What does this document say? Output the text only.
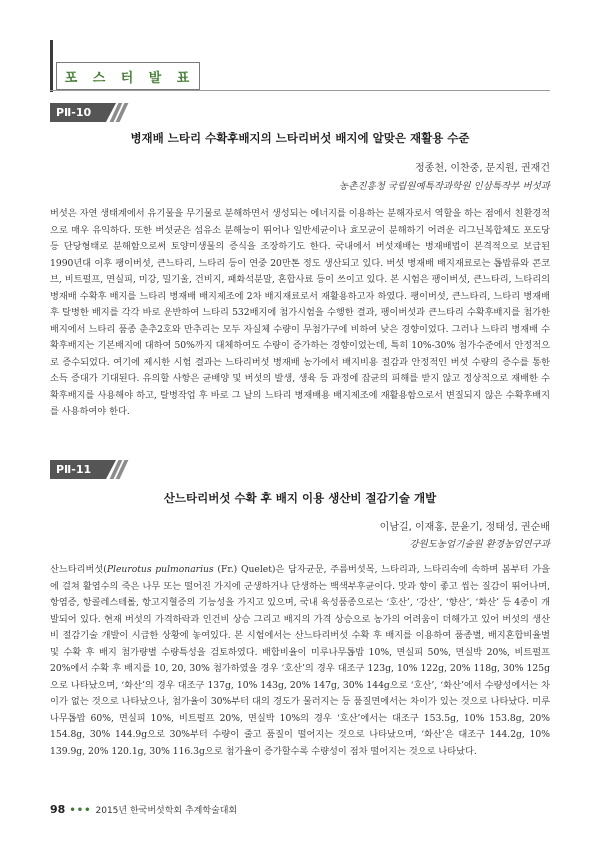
포	스	터	발	표
PⅡ-10
병재배 느타리 수확후배지의 느타리버섯 배지에 알맞은 재활용 수준
정종천, 이찬중, 문지원, 권재건
농촌진흥청 국립원예특작과학원 인삼특작부 버섯과

버섯은 자연 생태계에서 유기물을 무기물로 분해하면서 생성되는 에너지를 이용하는 분해자로서 역할을 하는 점에서 친환경적으로 매우 유익하다. 또한 버섯균은 섬유소 분해능이 뛰어나 일반세균이나 효모균이 분해하기 어려운 리그닌복합체도 포도당 등 단당형태로 분해함으로써 토양미생물의 증식을 조장하기도 한다. 국내에서 버섯재배는 병재배법이 본격적으로 보급된 1990년대 이후 팽이버섯, 큰느타리, 느타리 등이 연중 20만톤 정도 생산되고 있다. 버섯 병재배 배지재료로는 톱밥류와 콘코브, 비트펄프, 면실피, 미강, 밀기울, 건비지, 패화석분말, 혼합사료 등이 쓰이고 있다. 본 시험은 팽이버섯, 큰느타리, 느타리의 병재배 수확후 배지를 느타리 병재배 배지제조에 2차 배지재료로서 재활용하고자 하였다. 팽이버섯, 큰느타리, 느타리 병재배 후 탈병한 배지를 각각 바로 운반하여 느타리 532배지에 첨가시험을 수행한 결과, 팽이버섯과 큰느타리 수확후배지를 첨가한 배지에서 느타리 품종 춘추2호와 만추리는 모두 자실체 수량이 무첨가구에 비하여 낮은 경향이었다. 그러나 느타리 병재배 수확후배지는 기본배지에 대하여 50%까지 대체하여도 수량이 증가하는 경향이었는데, 특히 10%-30% 첨가수준에서 안정적으로 증수되었다. 여기에 제시한 시험 결과는 느타리버섯 병재배 농가에서 배지비용 절감과 안정적인 버섯 수량의 증수를 통한 소득 증대가 기대된다. 유의할 사항은 균배양 및 버섯의 발생, 생육 등 과정에 잡균의 피해를 받지 않고 정상적으로 재배한 수확후배지를 사용해야 하고, 탈병작업 후 바로 그 날의 느타리 병재배용 배지제조에 재활용함으로서 변질되지 않은 수확후배지를 사용하여야 한다.

PⅡ-11
산느타리버섯 수확 후 배지 이용 생산비 절감기술 개발
이남길, 이재홍, 문윤기, 정태성, 권순배
강원도농업기술원 환경농업연구과

산느타리버섯(Pleurotus pulmonarius (Fr.) Quelet)은 담자균문, 주름버섯목, 느타리과, 느타리속에 속하며 봄부터 가을에 걸쳐 활엽수의 죽은 나무 또는 떨어진 가지에 군생하거나 단생하는 백색부후균이다. 맛과 향이 좋고 씹는 질감이 뛰어나며, 항염증, 항콜레스테롤, 항고지혈증의 기능성을 가지고 있으며, 국내 육성품종으로는 ‘호산’, ‘강산’, ‘향산’, ‘화산’ 등 4종이 개발되어 있다. 현재 버섯의 가격하락과 인건비 상승 그리고 배지의 가격 상승으로 농가의 어려움이 더해가고 있어 버섯의 생산비 절감기술 개발이 시급한 상황에 놓여있다. 본 시험에서는 산느타리버섯 수확 후 배지를 이용하여 품종별, 배지혼합비율별 및 수확 후 배지 첨가량별 수량특성을 검토하였다. 배합비율이 미루나무톱밥 10%, 면실피 50%, 면실박 20%, 비트펄프 20%에서 수확 후 배지를 10, 20, 30% 첨가하였을 경우 ‘호산’의 경우 대조구 123g, 10% 122g, 20% 118g, 30% 125g으로 나타났으며, ‘화산’의 경우 대조구 137g, 10% 143g, 20% 147g, 30% 144g으로 ‘호산’, ‘화산’에서 수량성에서는 차이가 없는 것으로 나타났으나, 첨가율이 30%부터 대의 경도가 물러지는 등 품질면에서는 차이가 있는 것으로 나타났다. 미루나무톱밥 60%, 면실피 10%, 비트펄프 20%, 면실박 10%의 경우 ‘호산’에서는 대조구 153.5g, 10% 153.8g, 20% 154.8g, 30% 144.9g으로 30%부터 수량이 줄고 품질이 떨어지는 것으로 나타났으며, ‘화산’은 대조구 144.2g, 10% 139.9g, 20% 120.1g, 30% 116.3g으로 첨가율이 증가할수록 수량성이 점차 떨어지는 것으로 나타났다.

98 ••• 2015년 한국버섯학회 추계학술대회
